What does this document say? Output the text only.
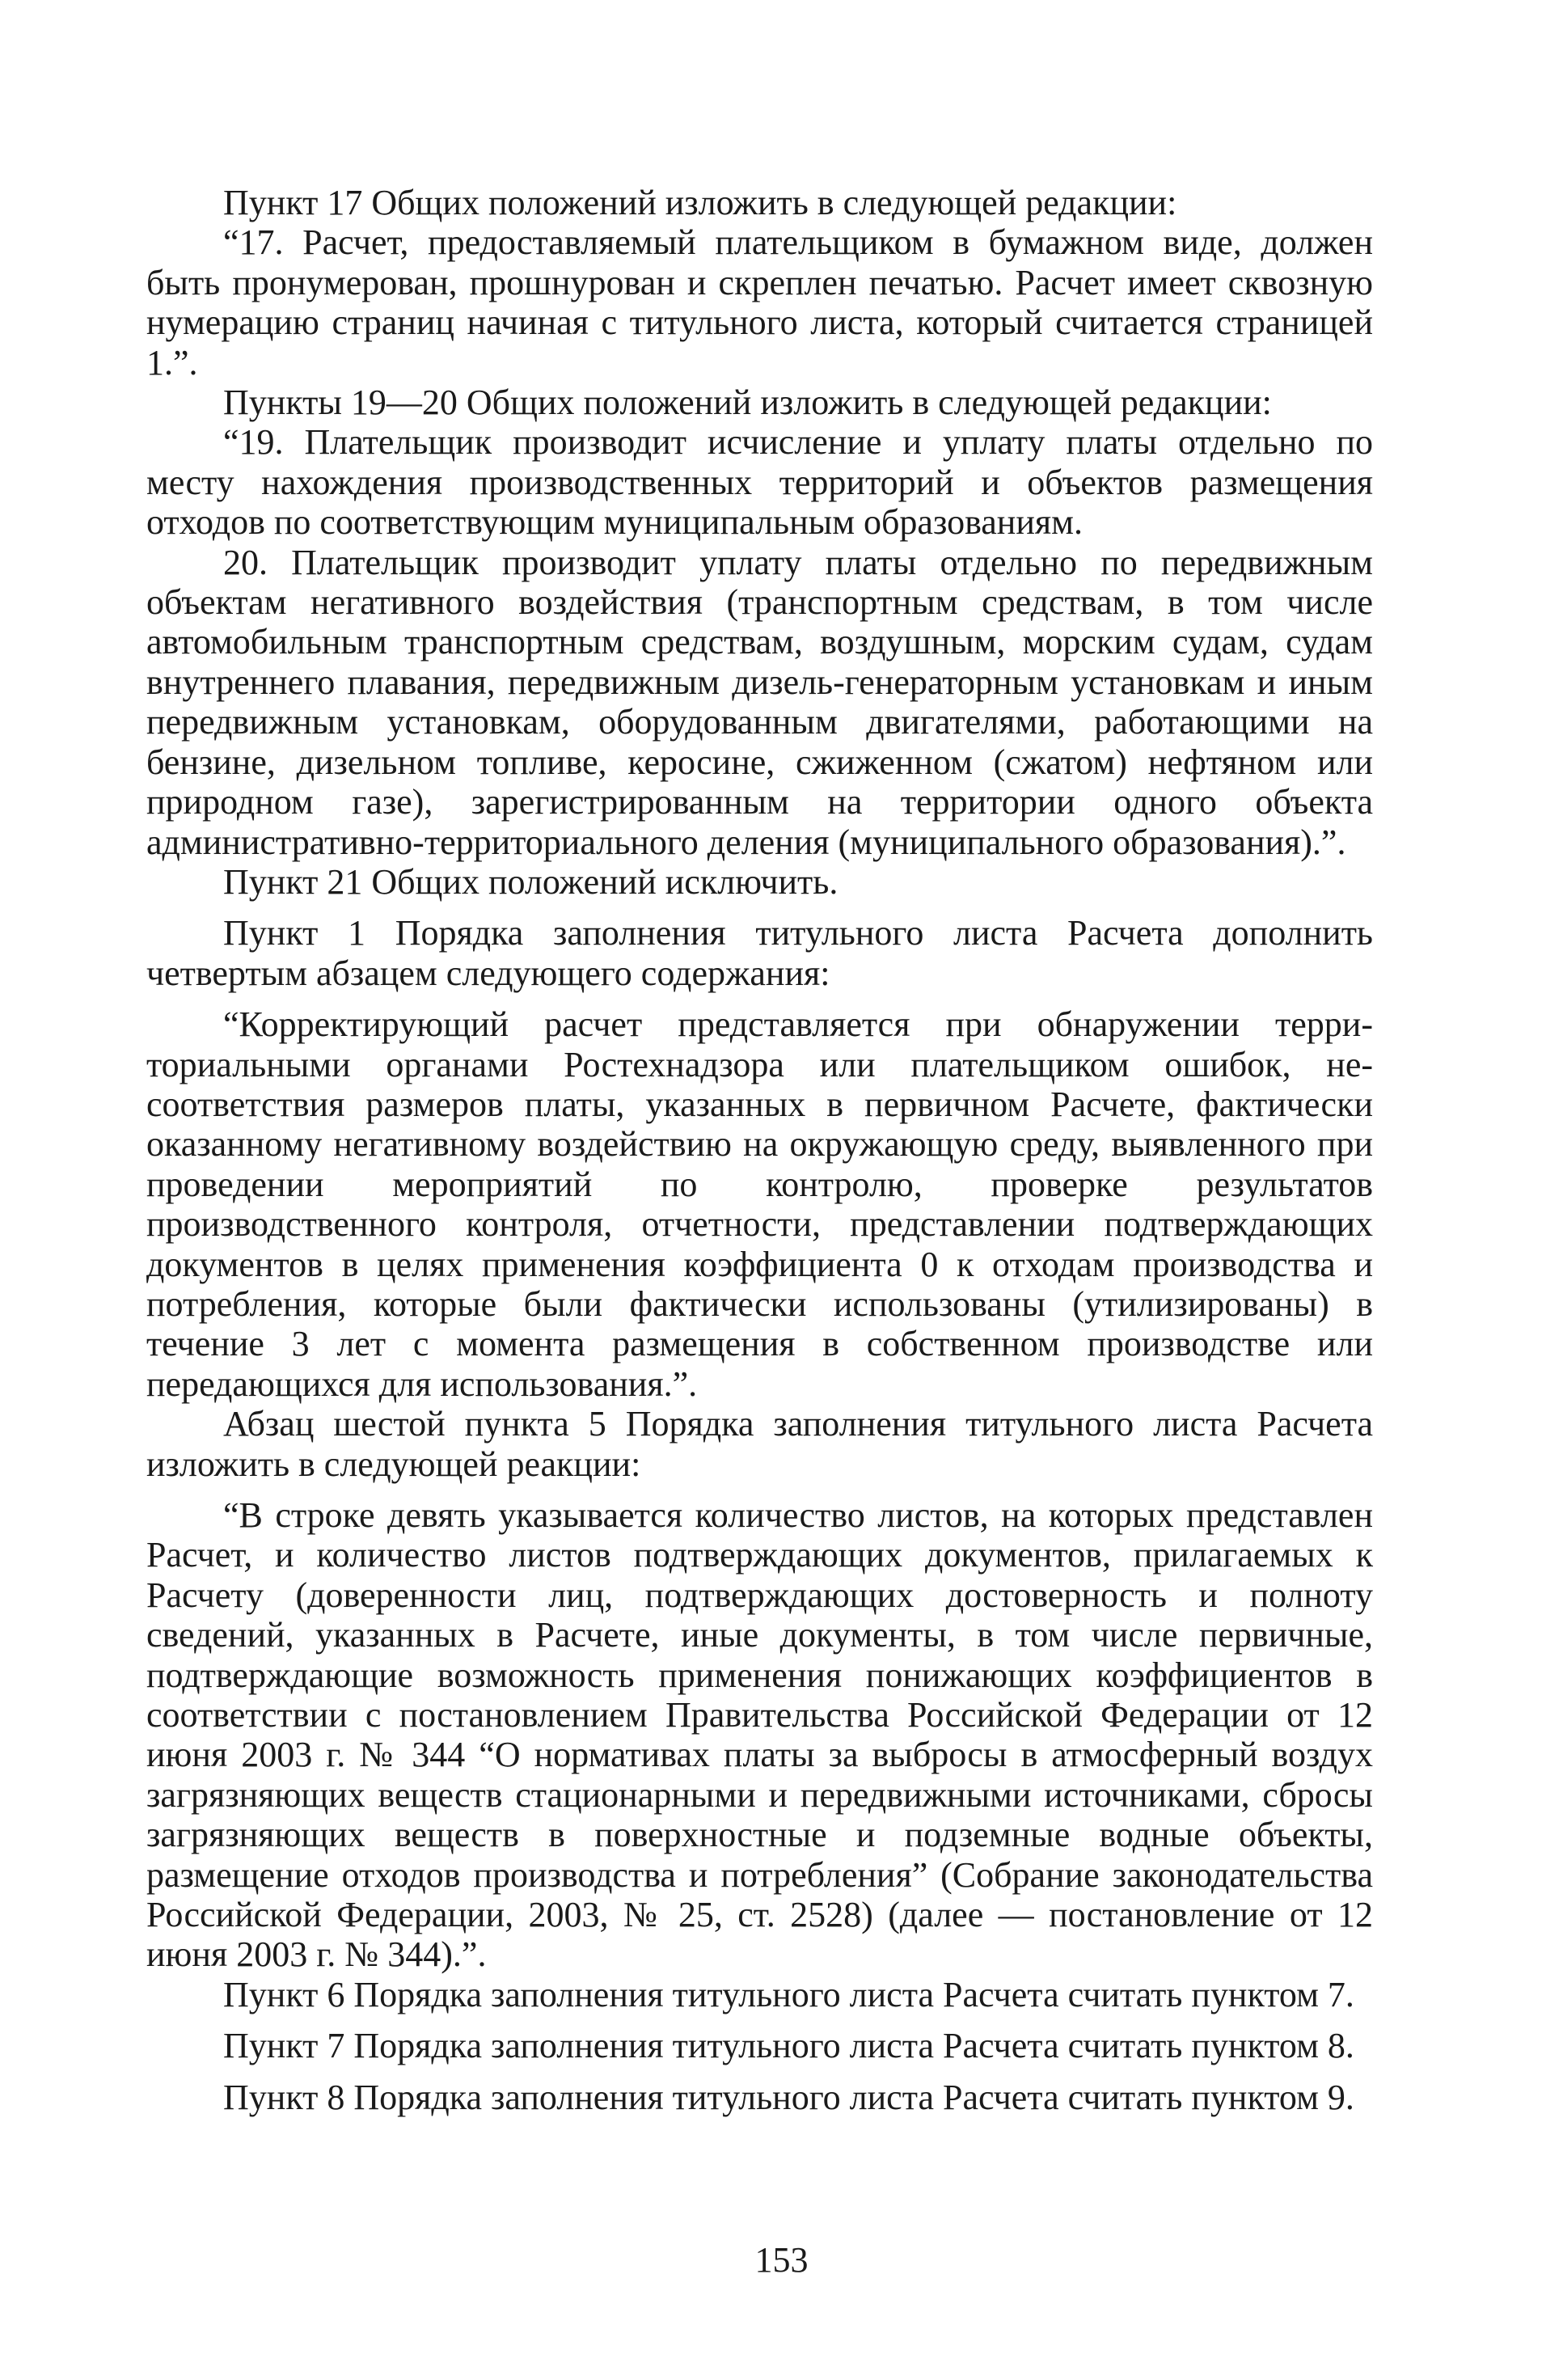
Пункт 17 Общих положений изложить в следующей редакции:

“17. Расчет, предоставляемый плательщиком в бумажном виде, должен быть пронумерован, прошнурован и скреплен печатью. Расчет имеет сквозную нумерацию страниц начиная с титульного листа, который считается страницей 1.”.

Пункты 19—20 Общих положений изложить в следующей редакции:

“19. Плательщик производит исчисление и уплату платы отдельно по месту нахождения производственных территорий и объектов размещения отходов по соответствующим муниципальным образованиям.

20. Плательщик производит уплату платы отдельно по передвижным объектам негативного воздействия (транспортным средствам, в том числе автомобильным транспортным средствам, воздушным, морским судам, судам внутреннего плавания, передвижным дизель-генераторным установкам и иным передвижным установкам, оборудованным двигателями, работающими на бензине, дизельном топливе, керосине, сжиженном (сжатом) нефтяном или природном газе), зарегистрированным на территории одного объекта административно-территориального деления (муниципального образования).”.

Пункт 21 Общих положений исключить.

Пункт 1 Порядка заполнения титульного листа Расчета дополнить четвертым абзацем следующего содержания:

“Корректирующий расчет представляется при обнаружении территориальными органами Ростехнадзора или плательщиком ошибок, несоответствия размеров платы, указанных в первичном Расчете, фактически оказанному негативному воздействию на окружающую среду, выявленного при проведении мероприятий по контролю, проверке результатов производственного контроля, отчетности, представлении подтверждающих документов в целях применения коэффициента 0 к отходам производства и потребления, которые были фактически использованы (утилизированы) в течение 3 лет с момента размещения в собственном производстве или передающихся для использования.”.

Абзац шестой пункта 5 Порядка заполнения титульного листа Расчета изложить в следующей реакции:

“В строке девять указывается количество листов, на которых представлен Расчет, и количество листов подтверждающих документов, прилагаемых к Расчету (доверенности лиц, подтверждающих достоверность и полноту сведений, указанных в Расчете, иные документы, в том числе первичные, подтверждающие возможность применения понижающих коэффициентов в соответствии с постановлением Правительства Российской Федерации от 12 июня 2003 г. № 344 “О нормативах платы за выбросы в атмосферный воздух загрязняющих веществ стационарными и передвижными источниками, сбросы загрязняющих веществ в поверхностные и подземные водные объекты, размещение отходов производства и потребления” (Собрание законодательства Российской Федерации, 2003, № 25, ст. 2528) (далее — постановление от 12 июня 2003 г. № 344).”.

Пункт 6 Порядка заполнения титульного листа Расчета считать пунктом 7.

Пункт 7 Порядка заполнения титульного листа Расчета считать пунктом 8.

Пункт 8 Порядка заполнения титульного листа Расчета считать пунктом 9.

153
